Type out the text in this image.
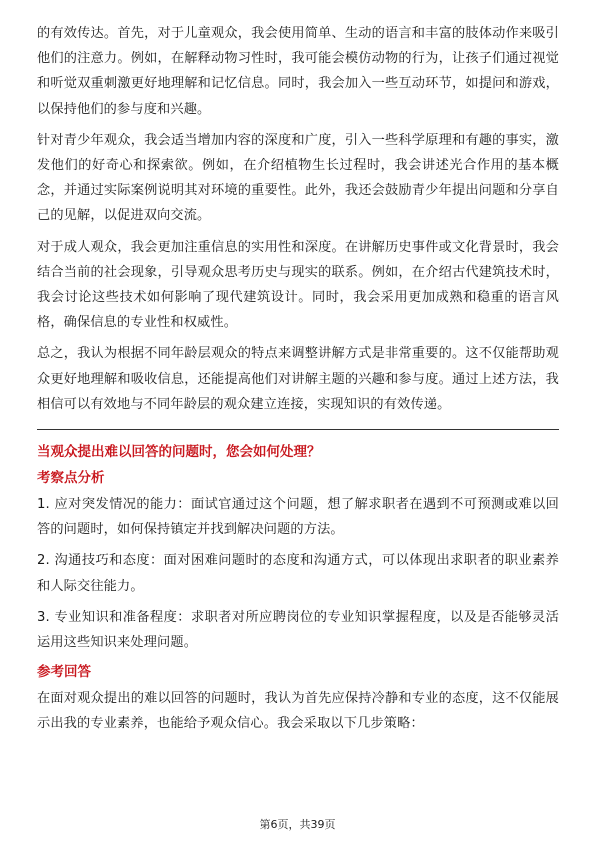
的有效传达。首先，对于儿童观众，我会使用简单、生动的语言和丰富的肢体动作来吸引他们的注意力。例如，在解释动物习性时，我可能会模仿动物的行为，让孩子们通过视觉和听觉双重刺激更好地理解和记忆信息。同时，我会加入一些互动环节，如提问和游戏，以保持他们的参与度和兴趣。

针对青少年观众，我会适当增加内容的深度和广度，引入一些科学原理和有趣的事实，激发他们的好奇心和探索欲。例如，在介绍植物生长过程时，我会讲述光合作用的基本概念，并通过实际案例说明其对环境的重要性。此外，我还会鼓励青少年提出问题和分享自己的见解，以促进双向交流。

对于成人观众，我会更加注重信息的实用性和深度。在讲解历史事件或文化背景时，我会结合当前的社会现象，引导观众思考历史与现实的联系。例如，在介绍古代建筑技术时，我会讨论这些技术如何影响了现代建筑设计。同时，我会采用更加成熟和稳重的语言风格，确保信息的专业性和权威性。

总之，我认为根据不同年龄层观众的特点来调整讲解方式是非常重要的。这不仅能帮助观众更好地理解和吸收信息，还能提高他们对讲解主题的兴趣和参与度。通过上述方法，我相信可以有效地与不同年龄层的观众建立连接，实现知识的有效传递。

当观众提出难以回答的问题时，您会如何处理？
考察点分析
1. 应对突发情况的能力：面试官通过这个问题，想了解求职者在遇到不可预测或难以回答的问题时，如何保持镇定并找到解决问题的方法。
2. 沟通技巧和态度：面对困难问题时的态度和沟通方式，可以体现出求职者的职业素养和人际交往能力。
3. 专业知识和准备程度：求职者对所应聘岗位的专业知识掌握程度，以及是否能够灵活运用这些知识来处理问题。
参考回答

在面对观众提出的难以回答的问题时，我认为首先应保持冷静和专业的态度，这不仅能展示出我的专业素养，也能给予观众信心。我会采取以下几步策略：

第6页，共39页
